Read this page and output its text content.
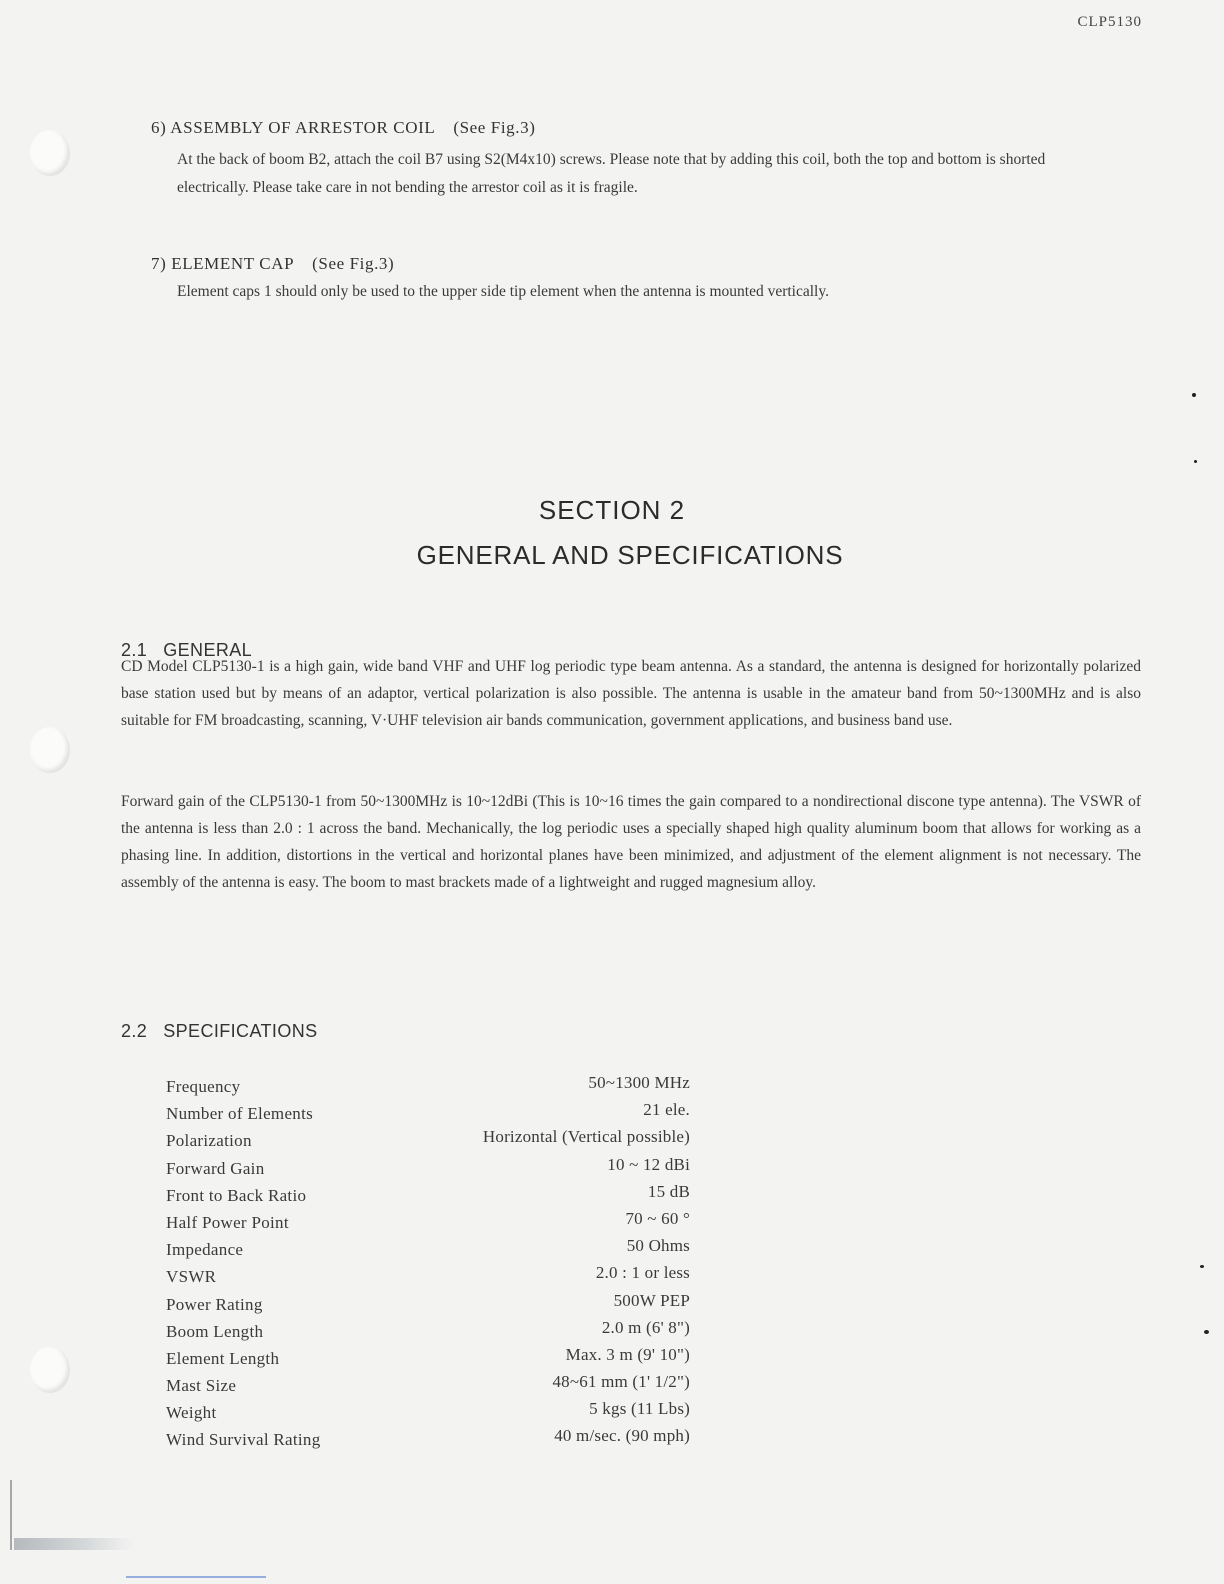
CLP5130
6) ASSEMBLY OF ARRESTOR COIL (See Fig.3)
At the back of boom B2, attach the coil B7 using S2(M4x10) screws. Please note that by adding this coil, both the top and bottom is shorted electrically. Please take care in not bending the arrestor coil as it is fragile.
7) ELEMENT CAP (See Fig.3)
Element caps 1 should only be used to the upper side tip element when the antenna is mounted vertically.
SECTION 2
GENERAL AND SPECIFICATIONS
2.1 GENERAL
CD Model CLP5130-1 is a high gain, wide band VHF and UHF log periodic type beam antenna. As a standard, the antenna is designed for horizontally polarized base station used but by means of an adaptor, vertical polarization is also possible. The antenna is usable in the amateur band from 50~1300MHz and is also suitable for FM broadcasting, scanning, V·UHF television air bands communication, government applications, and business band use.
Forward gain of the CLP5130-1 from 50~1300MHz is 10~12dBi (This is 10~16 times the gain compared to a nondirectional discone type antenna). The VSWR of the antenna is less than 2.0 : 1 across the band. Mechanically, the log periodic uses a specially shaped high quality aluminum boom that allows for working as a phasing line. In addition, distortions in the vertical and horizontal planes have been minimized, and adjustment of the element alignment is not necessary. The assembly of the antenna is easy. The boom to mast brackets made of a lightweight and rugged magnesium alloy.
2.2 SPECIFICATIONS
Frequency	50~1300 MHz
Number of Elements	21 ele.
Polarization	Horizontal (Vertical possible)
Forward Gain	10 ~ 12 dBi
Front to Back Ratio	15 dB
Half Power Point	70 ~ 60 °
Impedance	50 Ohms
VSWR	2.0 : 1 or less
Power Rating	500W PEP
Boom Length	2.0 m (6' 8")
Element Length	Max. 3 m (9' 10")
Mast Size	48~61 mm (1' 1/2")
Weight	5 kgs (11 Lbs)
Wind Survival Rating	40 m/sec. (90 mph)
